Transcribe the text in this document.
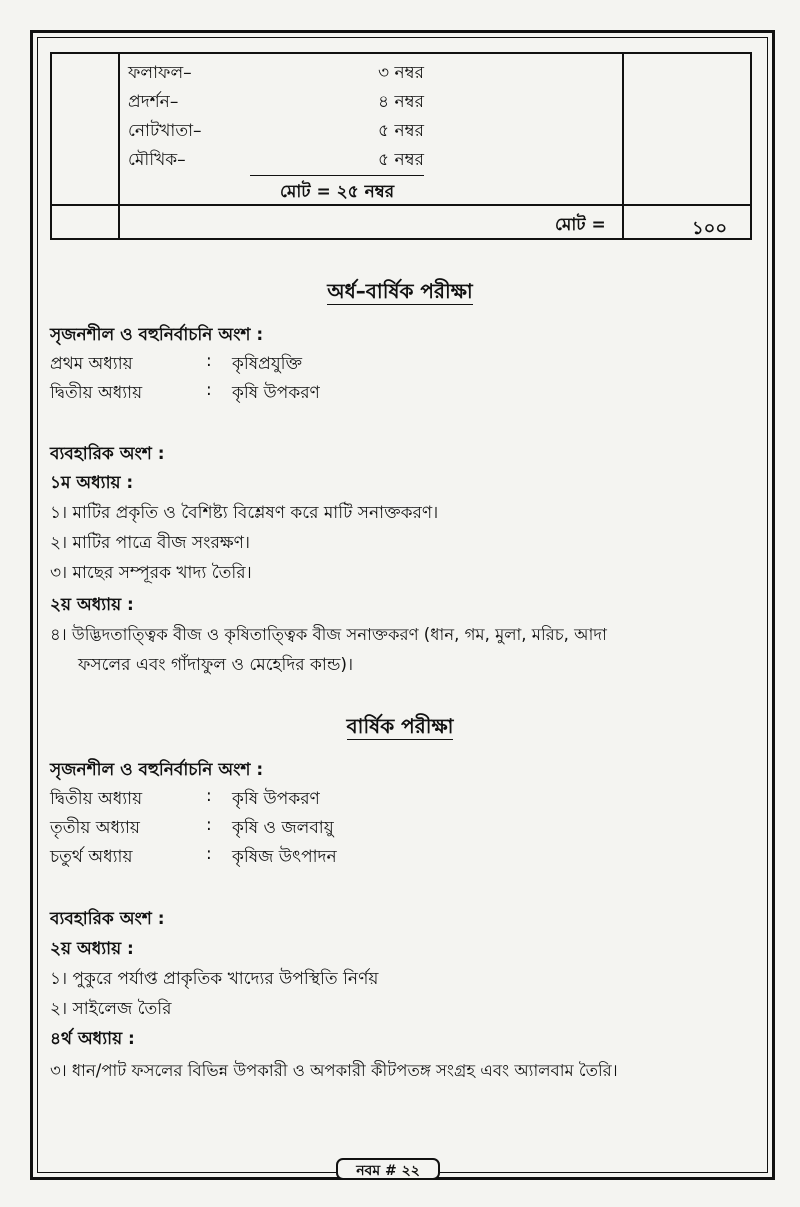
ফলাফল–	৩ নম্বর
প্রদর্শন–	৪ নম্বর
নোটখাতা–	৫ নম্বর
মৌখিক–	৫ নম্বর
মোট = ২৫ নম্বর
মোট =	১০০
অর্ধ–বার্ষিক পরীক্ষা
সৃজনশীল ও বহুনির্বাচনি অংশ :
প্রথম অধ্যায়	: কৃষিপ্রযুক্তি
দ্বিতীয় অধ্যায়	: কৃষি উপকরণ
ব্যবহারিক অংশ :
১ম অধ্যায় :
১। মাটির প্রকৃতি ও বৈশিষ্ট্য বিশ্লেষণ করে মাটি সনাক্তকরণ।
২। মাটির পাত্রে বীজ সংরক্ষণ।
৩। মাছের সম্পূরক খাদ্য তৈরি।
২য় অধ্যায় :
৪। উদ্ভিদতাত্ত্বিক বীজ ও কৃষিতাত্ত্বিক বীজ সনাক্তকরণ (ধান, গম, মুলা, মরিচ, আদা
ফসলের এবং গাঁদাফুল ও মেহেদির কান্ড)।
বার্ষিক পরীক্ষা
সৃজনশীল ও বহুনির্বাচনি অংশ :
দ্বিতীয় অধ্যায়	: কৃষি উপকরণ
তৃতীয় অধ্যায়	: কৃষি ও জলবায়ু
চতুর্থ অধ্যায়	: কৃষিজ উৎপাদন
ব্যবহারিক অংশ :
২য় অধ্যায় :
১। পুকুরে পর্যাপ্ত প্রাকৃতিক খাদ্যের উপস্থিতি নির্ণয়
২। সাইলেজ তৈরি
৪র্থ অধ্যায় :
৩। ধান/পাট ফসলের বিভিন্ন উপকারী ও অপকারী কীটপতঙ্গ সংগ্রহ এবং অ্যালবাম তৈরি।
নবম # ২২
